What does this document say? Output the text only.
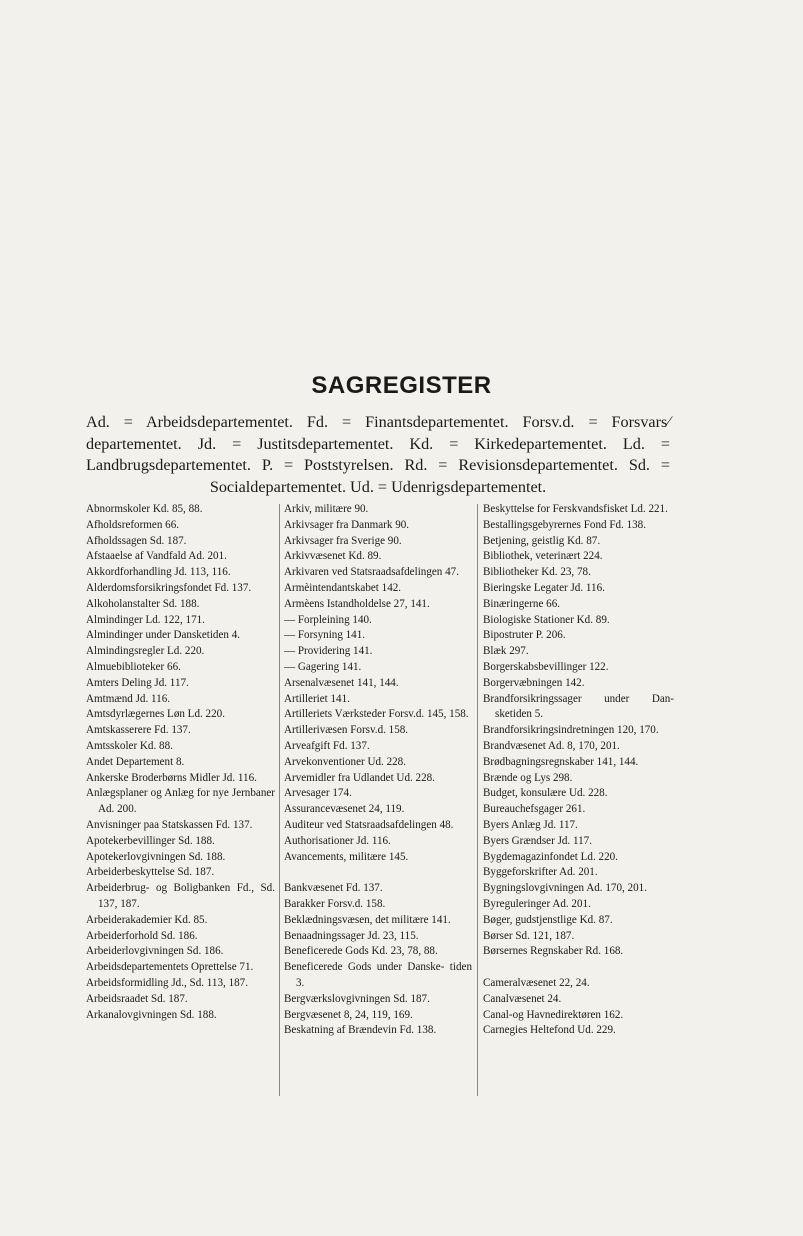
SAGREGISTER
Ad. = Arbeidsdepartementet. Fd. = Finantsdepartementet. Forsv.d. = Forsvars⁄ departementet. Jd. = Justitsdepartementet. Kd. = Kirkedepartementet. Ld. = Landbrugsdepartementet. P. = Poststyrelsen. Rd. = Revisionsdepartementet. Sd. = Socialdepartementet. Ud. = Udenrigsdepartementet.
Abnormskoler Kd. 85, 88.
Afholdsreformen 66.
Afholdssagen Sd. 187.
Afstaaelse af Vandfald Ad. 201.
Akkordforhandling Jd. 113, 116.
Alderdomsforsikringsfondet Fd. 137.
Alkoholanstalter Sd. 188.
Almindinger Ld. 122, 171.
Almindinger under Dansketiden 4.
Almindingsregler Ld. 220.
Almuebiblioteker 66.
Amters Deling Jd. 117.
Amtmænd Jd. 116.
Amtsdyrlægernes Løn Ld. 220.
Amtskasserere Fd. 137.
Amtsskoler Kd. 88.
Andet Departement 8.
Ankerske Broderbørns Midler Jd. 116.
Anlægsplaner og Anlæg for nye Jernbaner Ad. 200.
Anvisninger paa Statskassen Fd. 137.
Apotekerbevillinger Sd. 188.
Apotekerlovgivningen Sd. 188.
Arbeiderbeskyttelse Sd. 187.
Arbeiderbrug- og Boligbanken Fd., Sd. 137, 187.
Arbeiderakademier Kd. 85.
Arbeiderforhold Sd. 186.
Arbeiderlovgivningen Sd. 186.
Arbeidsdepartementets Oprettelse 71.
Arbeidsformidling Jd., Sd. 113, 187.
Arbeidsraadet Sd. 187.
Arkanalovgivningen Sd. 188.
Arkiv, militære 90.
Arkivsager fra Danmark 90.
Arkivsager fra Sverige 90.
Arkivvæsenet Kd. 89.
Arkivaren ved Statsraadsafdelingen 47.
Armèintendantskabet 142.
Armèens Istandholdelse 27, 141.
— Forpleining 140.
— Forsyning 141.
— Providering 141.
— Gagering 141.
Arsenalvæsenet 141, 144.
Artilleriet 141.
Artilleriets Værksteder Forsv.d. 145, 158.
Artillerivæsen Forsv.d. 158.
Arveafgift Fd. 137.
Arvekonventioner Ud. 228.
Arvemidler fra Udlandet Ud. 228.
Arvesager 174.
Assurancevæsenet 24, 119.
Auditeur ved Statsraadsafdelingen 48.
Authorisationer Jd. 116.
Avancements, militære 145.
Bankvæsenet Fd. 137.
Barakker Forsv.d. 158.
Beklædningsvæsen, det militære 141.
Benaadningssager Jd. 23, 115.
Beneficerede Gods Kd. 23, 78, 88.
Beneficerede Gods under Danske- tiden 3.
Bergværkslovgivningen Sd. 187.
Bergvæsenet 8, 24, 119, 169.
Beskatning af Brændevin Fd. 138.
Beskyttelse for Ferskvandsfisket Ld. 221.
Bestallingsgebyrernes Fond Fd. 138.
Betjening, geistlig Kd. 87.
Bibliothek, veterinært 224.
Bibliotheker Kd. 23, 78.
Bieringske Legater Jd. 116.
Binæringerne 66.
Biologiske Stationer Kd. 89.
Bipostruter P. 206.
Blæk 297.
Borgerskabsbevillinger 122.
Borgervæbningen 142.
Brandforsikringssager under Dan- sketiden 5.
Brandforsikringsindretningen 120, 170.
Brandvæsenet Ad. 8, 170, 201.
Brødbagningsregnskaber 141, 144.
Brænde og Lys 298.
Budget, konsulære Ud. 228.
Bureauchefsgager 261.
Byers Anlæg Jd. 117.
Byers Grændser Jd. 117.
Bygdemagazinfondet Ld. 220.
Byggeforskrifter Ad. 201.
Bygningslovgivningen Ad. 170, 201.
Byreguleringer Ad. 201.
Bøger, gudstjenstlige Kd. 87.
Børser Sd. 121, 187.
Børsernes Regnskaber Rd. 168.
Cameralvæsenet 22, 24.
Canalvæsenet 24.
Canal-og Havnedirektøren 162.
Carnegies Heltefond Ud. 229.
